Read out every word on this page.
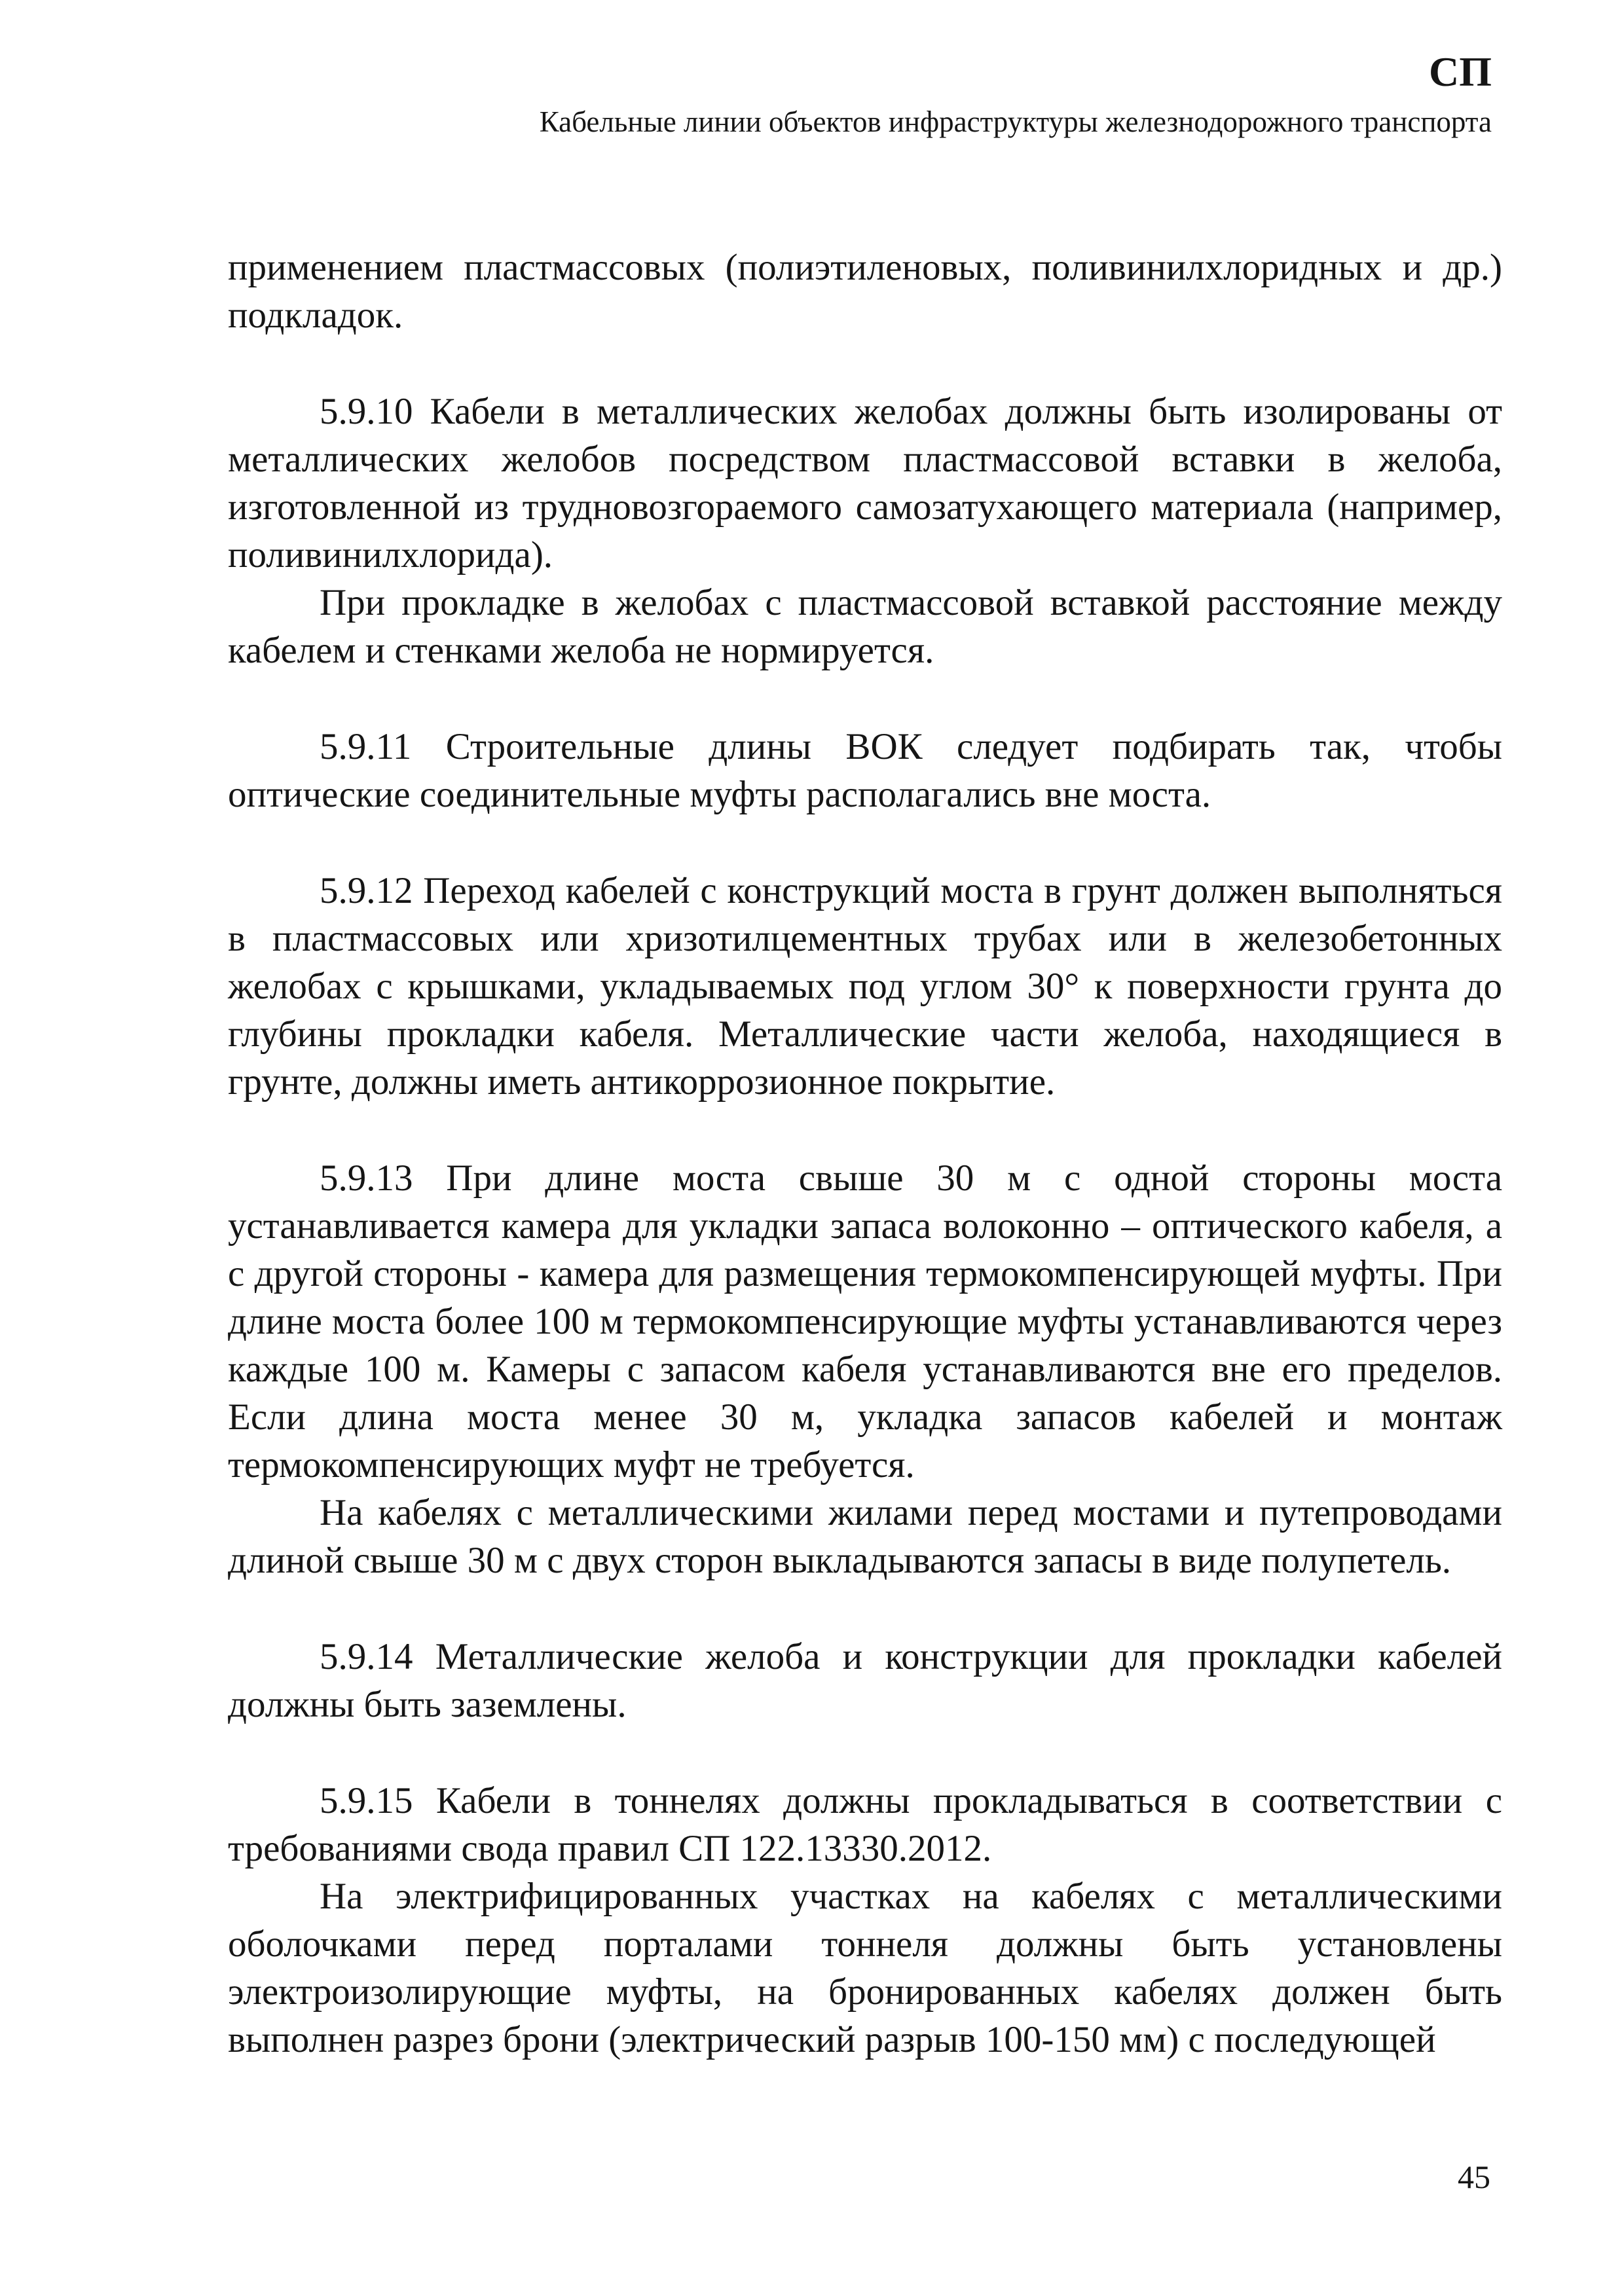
СП
Кабельные линии объектов инфраструктуры железнодорожного транспорта

применением пластмассовых (полиэтиленовых, поливинилхлоридных и др.) подкладок.

5.9.10 Кабели в металлических желобах должны быть изолированы от металлических желобов посредством пластмассовой вставки в желоба, изготовленной из трудновозгораемого самозатухающего материала (например, поливинилхлорида).

При прокладке в желобах с пластмассовой вставкой расстояние между кабелем и стенками желоба не нормируется.

5.9.11 Строительные длины ВОК следует подбирать так, чтобы оптические соединительные муфты располагались вне моста.

5.9.12 Переход кабелей с конструкций моста в грунт должен выполняться в пластмассовых или хризотилцементных трубах или в железобетонных желобах с крышками, укладываемых под углом 30° к поверхности грунта до глубины прокладки кабеля. Металлические части желоба, находящиеся в грунте, должны иметь антикоррозионное покрытие.

5.9.13 При длине моста свыше 30 м с одной стороны моста устанавливается камера для укладки запаса волоконно – оптического кабеля, а с другой стороны - камера для размещения термокомпенсирующей муфты. При длине моста более 100 м термокомпенсирующие муфты устанавливаются через каждые 100 м. Камеры с запасом кабеля устанавливаются вне его пределов. Если длина моста менее 30 м, укладка запасов кабелей и монтаж термокомпенсирующих муфт не требуется.

На кабелях с металлическими жилами перед мостами и путепроводами длиной свыше 30 м с двух сторон выкладываются запасы в виде полупетель.

5.9.14 Металлические желоба и конструкции для прокладки кабелей должны быть заземлены.

5.9.15 Кабели в тоннелях должны прокладываться в соответствии с требованиями свода правил СП 122.13330.2012.

На электрифицированных участках на кабелях с металлическими оболочками перед порталами тоннеля должны быть установлены электроизолирующие муфты, на бронированных кабелях должен быть выполнен разрез брони (электрический разрыв 100-150 мм) с последующей

45
